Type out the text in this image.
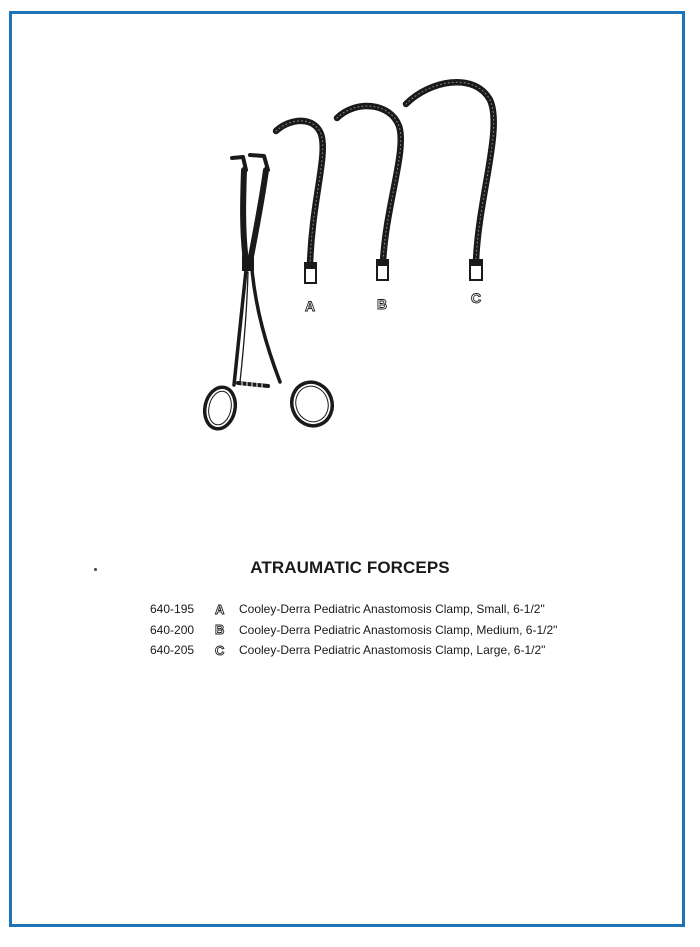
A	B	C
ATRAUMATIC FORCEPS
640-195	A	Cooley-Derra Pediatric Anastomosis Clamp, Small, 6-1/2"
640-200	B	Cooley-Derra Pediatric Anastomosis Clamp, Medium, 6-1/2"
640-205	C	Cooley-Derra Pediatric Anastomosis Clamp, Large, 6-1/2"
